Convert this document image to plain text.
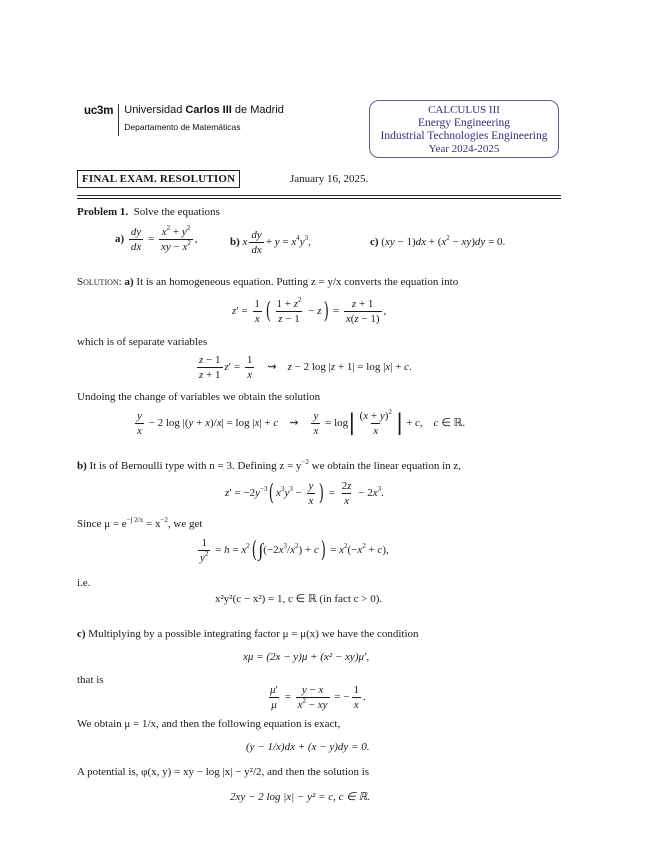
uc3m Universidad Carlos III de Madrid
Departamento de Matemáticas
CALCULUS III
Energy Engineering
Industrial Technologies Engineering
Year 2024-2025
FINAL EXAM. RESOLUTION	January 16, 2025.
Problem 1. Solve the equations
$a) \frac{dy}{dx} = \frac{x^2 + y^2}{xy - x^2}$ ,	b) x $\frac{dy}{dx} + y = x^4y^3$,	c) $(xy - 1)dx + (x^2 - xy)dy = 0$.
Solution: a) It is an homogeneous equation. Putting z = y/x converts the equation into
$z' = \frac{1}{x}$ ( $\frac{1 + z^2}{z - 1} - z) = \frac{z + 1}{x(z - 1)}$ ,
which is of separate variables
$\frac{z - 1}{z + 1} z' = \frac{1}{x}$ ⇝    z − 2 log |z + 1| = log |x| + c.
Undoing the change of variables we obtain the solution
$\frac{y}{x} - 2$ log |(y + x)/x| = log |x| + c    ⇝ $\frac{y}{x} = \log| \frac{(x + y)^2}{x}$ | + c,    c ∈ ℝ.
b) It is of Bernoulli type with n = 3. Defining $z = y^{-2}$ we obtain the linear equation in z,
$z' = -2y^{-3}$( $x^3y^3 - \frac{y}{x}$ ) = $\frac{2z}{x} - 2x^3$.
Since $\mu = e^{-\int 2/x} = x^{-2}$, we get
$\frac{1}{y^2} = h = x^2(\int(-2x^3/x^2) + c) = x^2(-x^2 + c)$,
i.e.
x²y²(c − x²) = 1, c ∈ ℝ (in fact c > 0).
c) Multiplying by a possible integrating factor μ = μ(x) we have the condition
xμ = (2x − y)μ + (x² − xy)μ′,
that is
$\frac{\mu'}{\mu} = \frac{y - x}{x^2 - xy}$ = − $\frac{1}{x}$ .
We obtain μ = 1/x, and then the following equation is exact,
(y − 1/x)dx + (x − y)dy = 0.
A potential is, φ(x, y) = xy − log |x| − y²/2, and then the solution is
2xy − 2 log |x| − y² = c, c ∈ ℝ.
